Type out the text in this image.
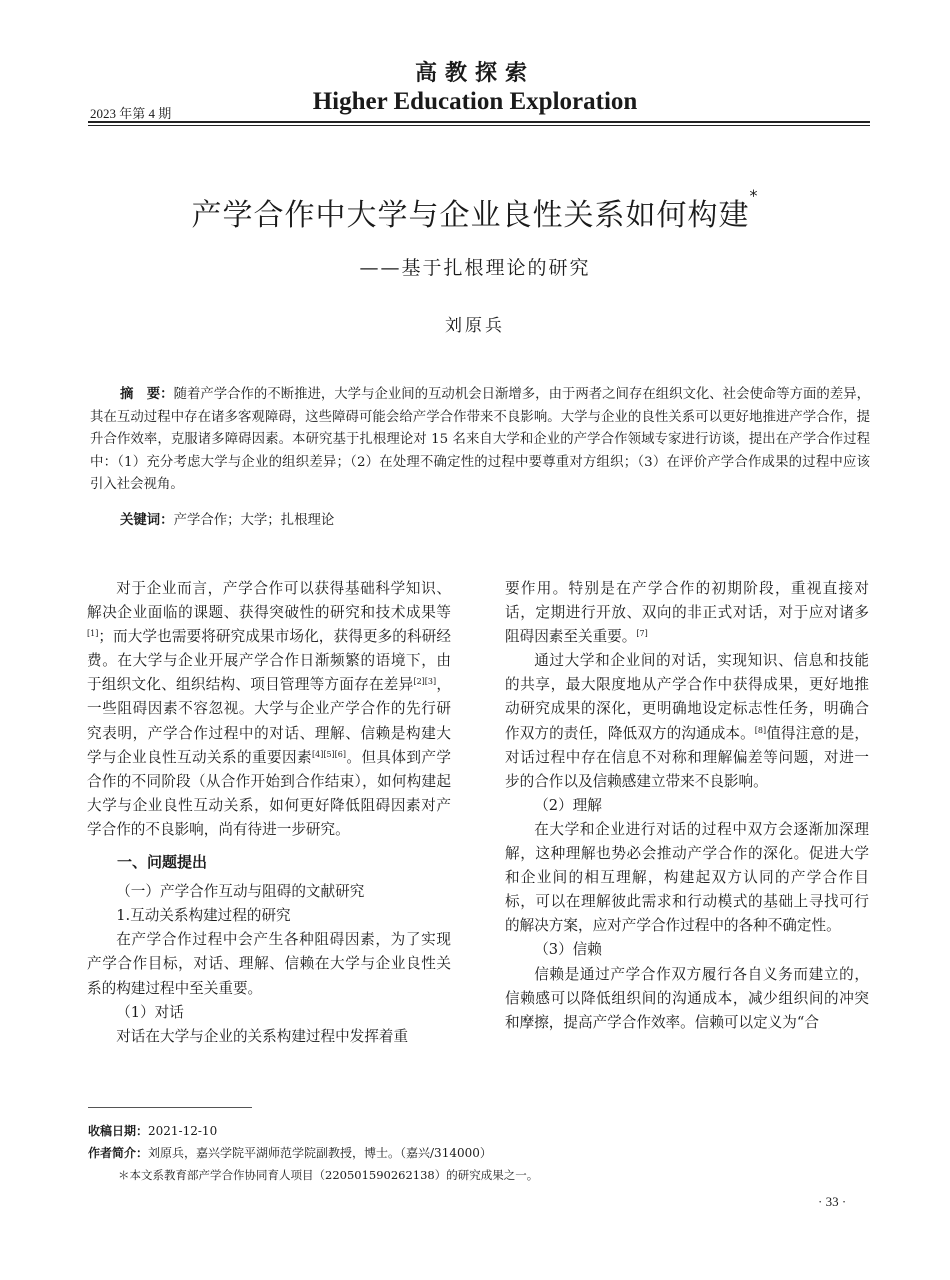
高教探索
Higher Education Exploration
2023 年第 4 期
产学合作中大学与企业良性关系如何构建*
——基于扎根理论的研究
刘原兵
摘　要：随着产学合作的不断推进，大学与企业间的互动机会日渐增多，由于两者之间存在组织文化、社会使命等方面的差异，其在互动过程中存在诸多客观障碍，这些障碍可能会给产学合作带来不良影响。大学与企业的良性关系可以更好地推进产学合作，提升合作效率，克服诸多障碍因素。本研究基于扎根理论对 15 名来自大学和企业的产学合作领域专家进行访谈，提出在产学合作过程中：（1）充分考虑大学与企业的组织差异；（2）在处理不确定性的过程中要尊重对方组织；（3）在评价产学合作成果的过程中应该引入社会视角。
关键词：产学合作；大学；扎根理论

对于企业而言，产学合作可以获得基础科学知识、解决企业面临的课题、获得突破性的研究和技术成果等[1]；而大学也需要将研究成果市场化，获得更多的科研经费。在大学与企业开展产学合作日渐频繁的语境下，由于组织文化、组织结构、项目管理等方面存在差异[2][3]，一些阻碍因素不容忽视。大学与企业产学合作的先行研究表明，产学合作过程中的对话、理解、信赖是构建大学与企业良性互动关系的重要因素[4][5][6]。但具体到产学合作的不同阶段（从合作开始到合作结束），如何构建起大学与企业良性互动关系，如何更好降低阻碍因素对产学合作的不良影响，尚有待进一步研究。

一、问题提出

（一）产学合作互动与阻碍的文献研究

1.互动关系构建过程的研究

在产学合作过程中会产生各种阻碍因素，为了实现产学合作目标，对话、理解、信赖在大学与企业良性关系的构建过程中至关重要。

（1）对话

对话在大学与企业的关系构建过程中发挥着重

要作用。特别是在产学合作的初期阶段，重视直接对话，定期进行开放、双向的非正式对话，对于应对诸多阻碍因素至关重要。[7]

通过大学和企业间的对话，实现知识、信息和技能的共享，最大限度地从产学合作中获得成果，更好地推动研究成果的深化，更明确地设定标志性任务，明确合作双方的责任，降低双方的沟通成本。[8]值得注意的是，对话过程中存在信息不对称和理解偏差等问题，对进一步的合作以及信赖感建立带来不良影响。

（2）理解

在大学和企业进行对话的过程中双方会逐渐加深理解，这种理解也势必会推动产学合作的深化。促进大学和企业间的相互理解，构建起双方认同的产学合作目标，可以在理解彼此需求和行动模式的基础上寻找可行的解决方案，应对产学合作过程中的各种不确定性。

（3）信赖

信赖是通过产学合作双方履行各自义务而建立的，信赖感可以降低组织间的沟通成本，减少组织间的冲突和摩擦，提高产学合作效率。信赖可以定义为“合

收稿日期：2021-12-10
作者简介：刘原兵，嘉兴学院平湖师范学院副教授，博士。（嘉兴/314000）
＊本文系教育部产学合作协同育人项目（220501590262138）的研究成果之一。
· 33 ·
